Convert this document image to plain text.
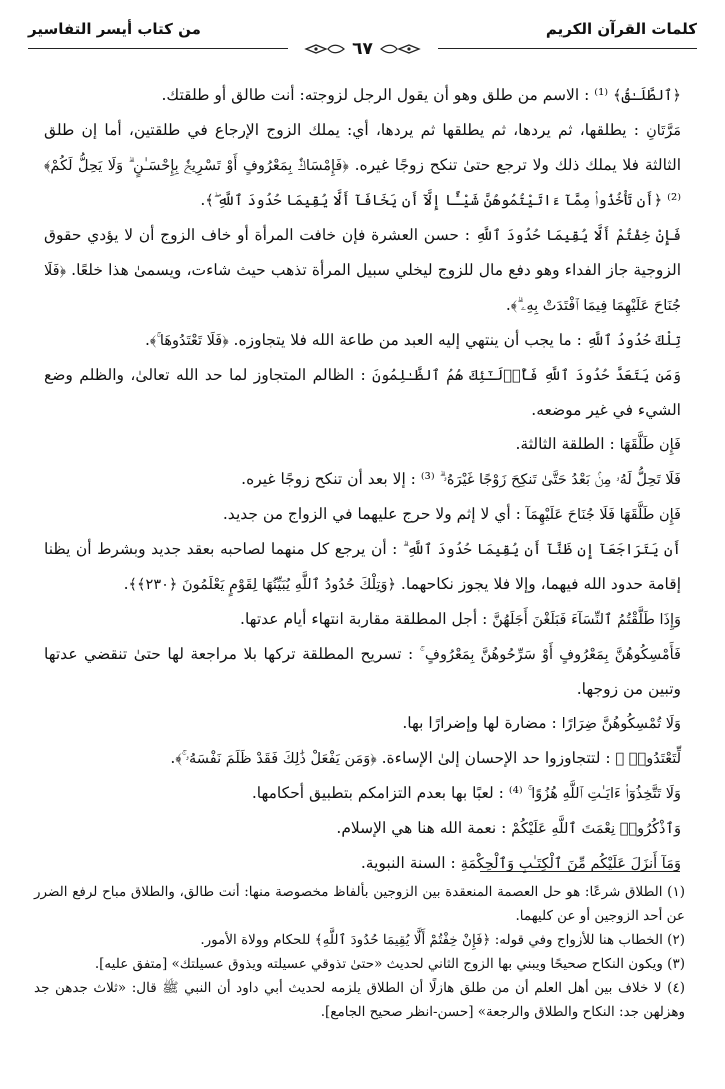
كلمات القرآن الكريم
من كتاب أيسر التفاسير
٦٧

﴿ٱلطَّلَـٰقُ﴾ ⁽¹⁾ : الاسم من طلق وهو أن يقول الرجل لزوجته: أنت طالق أو طلقتك.

مَرَّتَانِ : يطلقها، ثم يردها، ثم يطلقها ثم يردها، أي: يملك الزوج الإرجاع في طلقتين، أما إن طلق الثالثة فلا يملك ذلك ولا ترجع حتىٰ تنكح زوجًا غيره. ﴿فَإِمْسَاكٌۢ بِمَعْرُوفٍ أَوْ تَسْرِيحٌۢ بِإِحْسَـٰنٍ ۗ وَلَا يَحِلُّ لَكُمْ﴾ ⁽²⁾ ﴿أَن تَأْخُذُوا۟ مِمَّآ ءَاتَيْتُمُوهُنَّ شَيْـًٔا إِلَّآ أَن يَخَافَآ أَلَّا يُقِيمَا حُدُودَ ٱللَّهِ ۖ﴾.

فَإِنْ خِفْتُمْ أَلَّا يُقِيمَا حُدُودَ ٱللَّهِ : حسن العشرة فإن خافت المرأة أو خاف الزوج أن لا يؤدي حقوق الزوجية جاز الفداء وهو دفع مال للزوج ليخلي سبيل المرأة تذهب حيث شاءت، ويسمىٰ هذا خلعًا. ﴿فَلَا جُنَاحَ عَلَيْهِمَا فِيمَا ٱفْتَدَتْ بِهِۦ ۗ﴾.

تِلْكَ حُدُودُ ٱللَّهِ : ما يجب أن ينتهي إليه العبد من طاعة الله فلا يتجاوزه. ﴿فَلَا تَعْتَدُوهَا ۚ﴾.

وَمَن يَتَعَدَّ حُدُودَ ٱللَّهِ فَأُو۟لَـٰٓئِكَ هُمُ ٱلظَّـٰلِمُونَ : الظالم المتجاوز لما حد الله تعالىٰ، والظلم وضع الشيء في غير موضعه.

فَإِن طَلَّقَهَا : الطلقة الثالثة.

فَلَا تَحِلُّ لَهُۥ مِنۢ بَعْدُ حَتَّىٰ تَنكِحَ زَوْجًا غَيْرَهُۥ ۗ ⁽³⁾ : إلا بعد أن تنكح زوجًا غيره.

فَإِن طَلَّقَهَا فَلَا جُنَاحَ عَلَيْهِمَآ : أي لا إثم ولا حرج عليهما في الزواج من جديد.

أَن يَتَرَاجَعَآ إِن ظَنَّآ أَن يُقِيمَا حُدُودَ ٱللَّهِ ۗ : أن يرجع كل منهما لصاحبه بعقد جديد وبشرط أن يظنا إقامة حدود الله فيهما، وإلا فلا يجوز نكاحهما. ﴿وَتِلْكَ حُدُودُ ٱللَّهِ يُبَيِّنُهَا لِقَوْمٍ يَعْلَمُونَ ﴿٢٣٠﴾﴾.

وَإِذَا طَلَّقْتُمُ ٱلنِّسَآءَ فَبَلَغْنَ أَجَلَهُنَّ : أجل المطلقة مقاربة انتهاء أيام عدتها.

فَأَمْسِكُوهُنَّ بِمَعْرُوفٍ أَوْ سَرِّحُوهُنَّ بِمَعْرُوفٍ ۚ : تسريح المطلقة تركها بلا مراجعة لها حتىٰ تنقضي عدتها وتبين من زوجها.

وَلَا تُمْسِكُوهُنَّ ضِرَارًا : مضارة لها وإضرارًا بها.

لِّتَعْتَدُوا۟ ۚ : لتتجاوزوا حد الإحسان إلىٰ الإساءة. ﴿وَمَن يَفْعَلْ ذَٰلِكَ فَقَدْ ظَلَمَ نَفْسَهُۥ ۚ﴾.

وَلَا تَتَّخِذُوٓا۟ ءَايَـٰتِ ٱللَّهِ هُزُوًا ۚ ⁽⁴⁾ : لعبًا بها بعدم التزامكم بتطبيق أحكامها.

وَٱذْكُرُوا۟ نِعْمَتَ ٱللَّهِ عَلَيْكُمْ : نعمة الله هنا هي الإسلام.

وَمَآ أَنزَلَ عَلَيْكُم مِّنَ ٱلْكِتَـٰبِ وَٱلْحِكْمَةِ : السنة النبوية.

(١) الطلاق شرعًا: هو حل العصمة المنعقدة بين الزوجين بألفاظ مخصوصة منها: أنت طالق، والطلاق مباح لرفع الضرر عن أحد الزوجين أو عن كليهما.

(٢) الخطاب هنا للأزواج وفي قوله: ﴿فَإِنْ خِفْتُمْ أَلَّا يُقِيمَا حُدُودَ ٱللَّهِ﴾ للحكام وولاة الأمور.

(٣) ويكون النكاح صحيحًا ويبني بها الزوج الثاني لحديث «حتىٰ تذوقي عسيلته ويذوق عسيلتك» [متفق عليه].

(٤) لا خلاف بين أهل العلم أن من طلق هازلًا أن الطلاق يلزمه لحديث أبي داود أن النبي ﷺ قال: «ثلاث جدهن جد وهزلهن جد: النكاح والطلاق والرجعة» [حسن-انظر صحيح الجامع].
